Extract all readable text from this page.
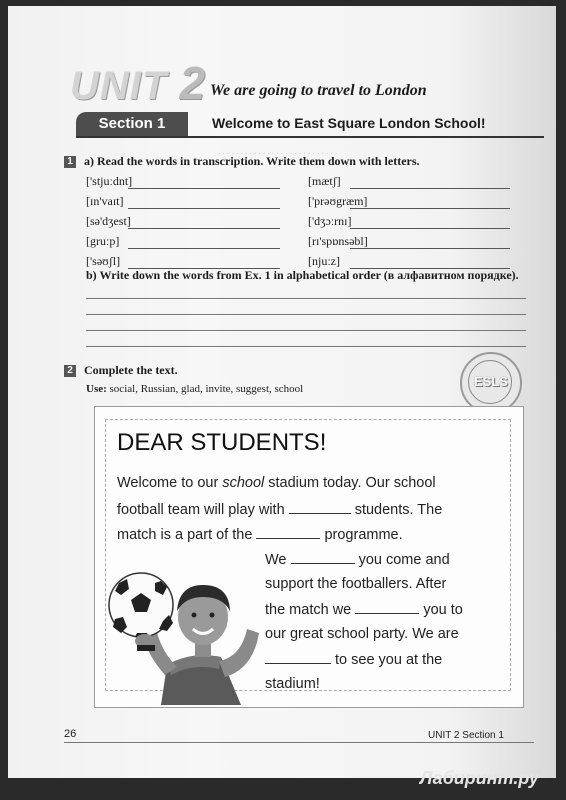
UNIT 2 We are going to travel to London
Section 1	Welcome to East Square London School!
. . . . . . . . . . . . . . . . . . . . . . . . . . .
1 a) Read the words in transcription. Write them down with letters.
['stjuːdnt]
[ɪn'vaɪt]
[sə'dʒest]
[gruːp]
['səʊʃl]
[mætʃ]
['prəʊgræm]
['dʒɔːrnɪ]
[rɪ'spɒnsəbl]
[njuːz]
b) Write down the words from Ex. 1 in alphabetical order (в алфавитном порядке).
2 Complete the text.
Use: social, Russian, glad, invite, suggest, school	ESLS
DEAR STUDENTS!
Welcome to our school stadium today. Our school
football team will play with	students. The
match is a part of the	programme.
We	you come and
support the footballers. After
the match we	you to
our great school party. We are
to see you at the
stadium!
26	UNIT 2 Section 1
Лабиринт.ру
